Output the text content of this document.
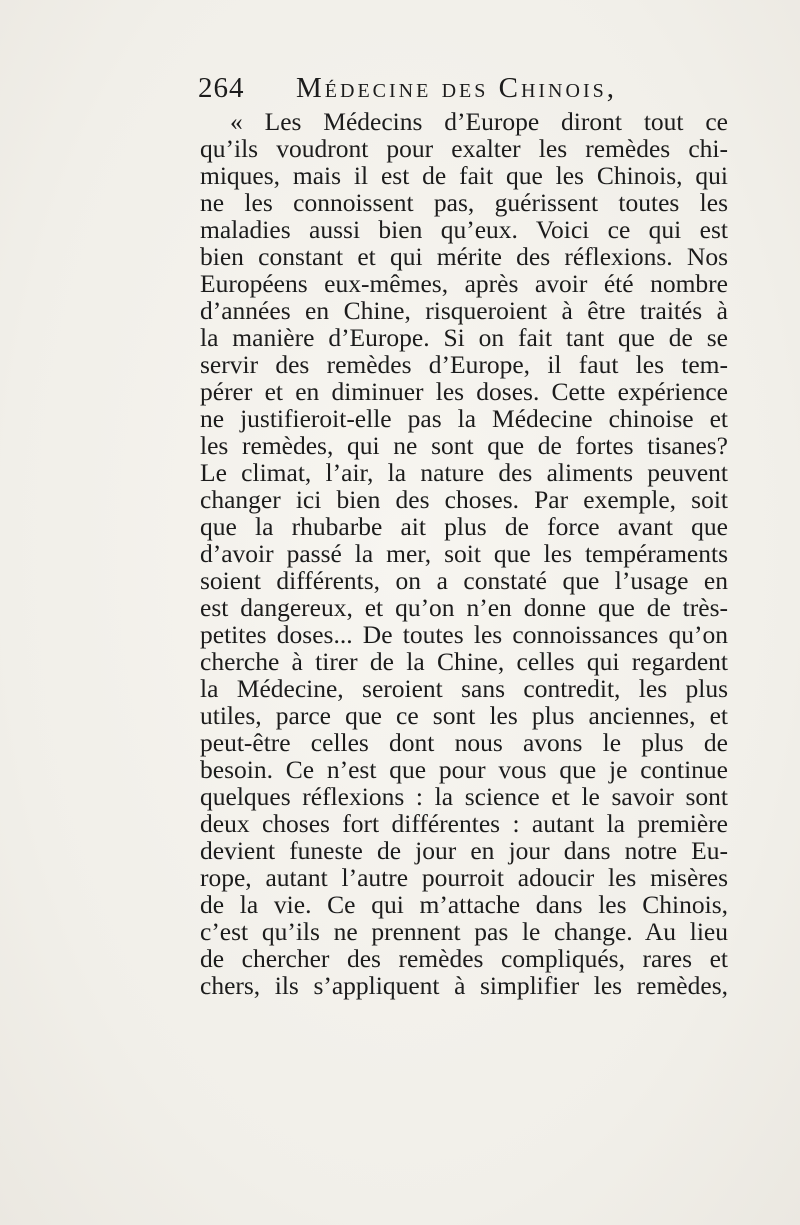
264 Médecine des Chinois,
« Les Médecins d’Europe diront tout ce
qu’ils voudront pour exalter les remèdes chi-
miques, mais il est de fait que les Chinois, qui
ne les connoissent pas, guérissent toutes les
maladies aussi bien qu’eux. Voici ce qui est
bien constant et qui mérite des réflexions. Nos
Européens eux-mêmes, après avoir été nombre
d’années en Chine, risqueroient à être traités à
la manière d’Europe. Si on fait tant que de se
servir des remèdes d’Europe, il faut les tem-
pérer et en diminuer les doses. Cette expérience
ne justifieroit-elle pas la Médecine chinoise et
les remèdes, qui ne sont que de fortes tisanes?
Le climat, l’air, la nature des aliments peuvent
changer ici bien des choses. Par exemple, soit
que la rhubarbe ait plus de force avant que
d’avoir passé la mer, soit que les tempéraments
soient différents, on a constaté que l’usage en
est dangereux, et qu’on n’en donne que de très-
petites doses... De toutes les connoissances qu’on
cherche à tirer de la Chine, celles qui regardent
la Médecine, seroient sans contredit, les plus
utiles, parce que ce sont les plus anciennes, et
peut-être celles dont nous avons le plus de
besoin. Ce n’est que pour vous que je continue
quelques réflexions : la science et le savoir sont
deux choses fort différentes : autant la première
devient funeste de jour en jour dans notre Eu-
rope, autant l’autre pourroit adoucir les misères
de la vie. Ce qui m’attache dans les Chinois,
c’est qu’ils ne prennent pas le change. Au lieu
de chercher des remèdes compliqués, rares et
chers, ils s’appliquent à simplifier les remèdes,
